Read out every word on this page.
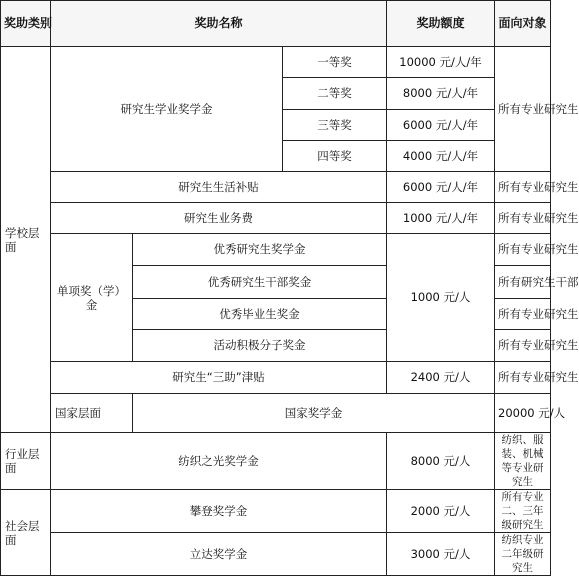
奖助类别	奖助名称			奖助额度	面向对象	
学校层面	研究生学业奖学金		一等奖	10000 元/人/年	所有专业研究生	
			二等奖	8000 元/人/年	
			三等奖	6000 元/人/年	
			四等奖	4000 元/人/年	
	研究生生活补贴			6000 元/人/年	所有专业研究生	
	研究生业务费			1000 元/人/年	所有专业研究生	
	单项奖（学）金	优秀研究生奖学金		1000 元/人	所有专业研究生	
		优秀研究生干部奖金			所有研究生干部	
		优秀毕业生奖金			所有专业研究生	
		活动积极分子奖金			所有专业研究生	
	研究生“三助”津贴			2400 元/人	所有专业研究生	
	国家层面	国家奖学金			20000 元/人		
行业层面	纺织之光奖学金			8000 元/人	纺织、服装、机械等专业研究生	
社会层面	攀登奖学金			2000 元/人	所有专业二、三年级研究生	
	立达奖学金			3000 元/人	纺织专业二年级研究生	
